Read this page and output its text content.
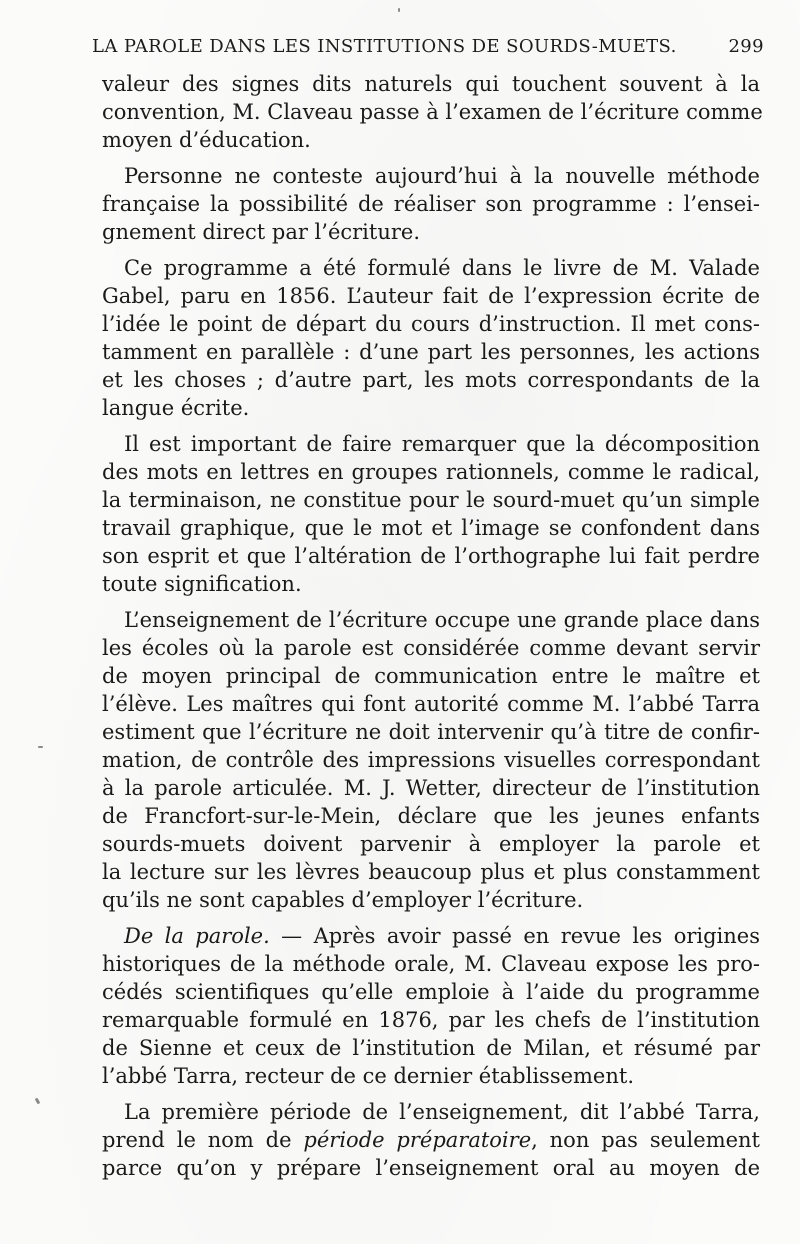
LA PAROLE DANS LES INSTITUTIONS DE SOURDS-MUETS.	299
valeur des signes dits naturels qui touchent souvent à la
convention, M. Claveau passe à l’examen de l’écriture comme
moyen d’éducation.
Personne ne conteste aujourd’hui à la nouvelle méthode
française la possibilité de réaliser son programme : l’ensei-
gnement direct par l’écriture.
Ce programme a été formulé dans le livre de M. Valade
Gabel, paru en 1856. L’auteur fait de l’expression écrite de
l’idée le point de départ du cours d’instruction. Il met cons-
tamment en parallèle : d’une part les personnes, les actions
et les choses ; d’autre part, les mots correspondants de la
langue écrite.
Il est important de faire remarquer que la décomposition
des mots en lettres en groupes rationnels, comme le radical,
la terminaison, ne constitue pour le sourd-muet qu’un simple
travail graphique, que le mot et l’image se confondent dans
son esprit et que l’altération de l’orthographe lui fait perdre
toute signification.
L’enseignement de l’écriture occupe une grande place dans
les écoles où la parole est considérée comme devant servir
de moyen principal de communication entre le maître et
l’élève. Les maîtres qui font autorité comme M. l’abbé Tarra
estiment que l’écriture ne doit intervenir qu’à titre de confir-
mation, de contrôle des impressions visuelles correspondant
à la parole articulée. M. J. Wetter, directeur de l’institution
de Francfort-sur-le-Mein, déclare que les jeunes enfants
sourds-muets doivent parvenir à employer la parole et
la lecture sur les lèvres beaucoup plus et plus constamment
qu’ils ne sont capables d’employer l’écriture.
De la parole. — Après avoir passé en revue les origines
historiques de la méthode orale, M. Claveau expose les pro-
cédés scientifiques qu’elle emploie à l’aide du programme
remarquable formulé en 1876, par les chefs de l’institution
de Sienne et ceux de l’institution de Milan, et résumé par
l’abbé Tarra, recteur de ce dernier établissement.
La première période de l’enseignement, dit l’abbé Tarra,
prend le nom de période préparatoire, non pas seulement
parce qu’on y prépare l’enseignement oral au moyen de
